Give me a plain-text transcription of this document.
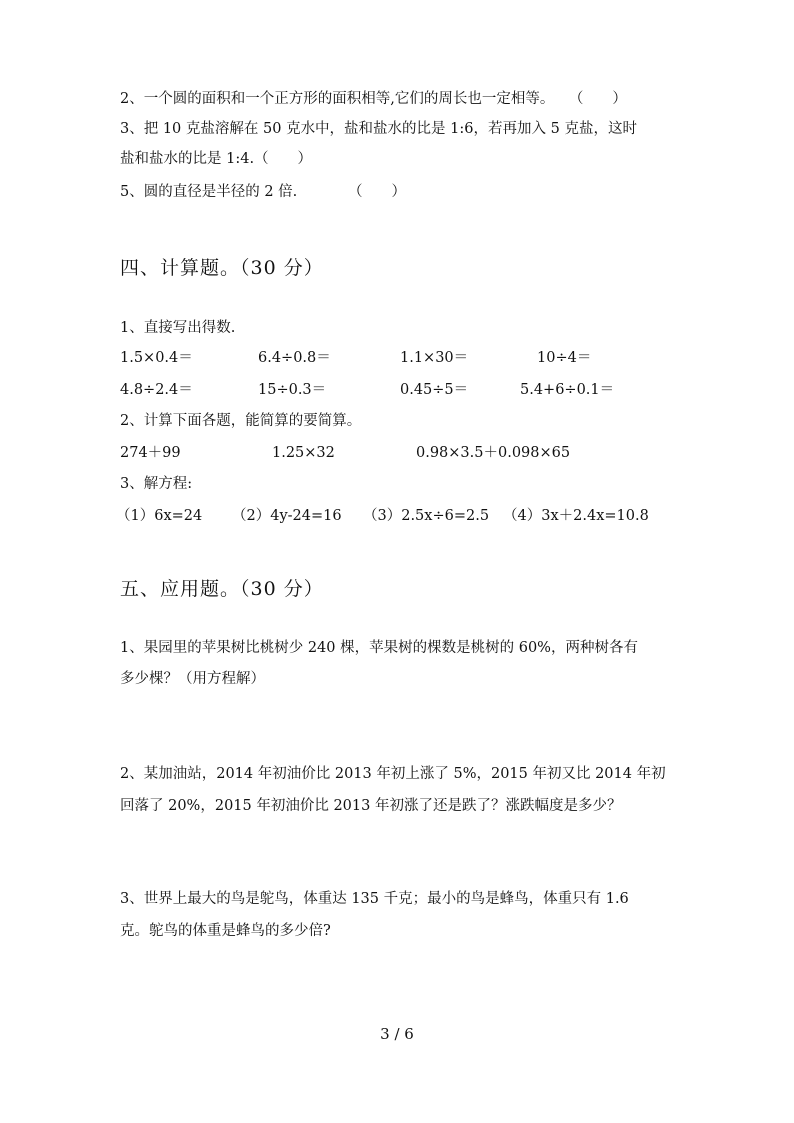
2、一个圆的面积和一个正方形的面积相等,它们的周长也一定相等。　　（　　）
3、把 10 克盐溶解在 50 克水中，盐和盐水的比是 1:6，若再加入 5 克盐，这时
盐和盐水的比是 1:4.（　　）
5、圆的直径是半径的 2 倍.　　　　（　　）
四、计算题。（30 分）
1、直接写出得数.
1.5×0.4＝	6.4÷0.8＝	1.1×30＝	10÷4＝
4.8÷2.4＝	15÷0.3＝	0.45÷5＝	5.4+6÷0.1＝
2、计算下面各题，能简算的要简算。
274＋99	1.25×32	0.98×3.5＋0.098×65
3、解方程:
（1）6x=24 （2）4y-24=16 （3）2.5x÷6=2.5 （4）3x＋2.4x=10.8
五、应用题。（30 分）
1、果园里的苹果树比桃树少 240 棵，苹果树的棵数是桃树的 60%，两种树各有
多少棵？（用方程解）
2、某加油站，2014 年初油价比 2013 年初上涨了 5%，2015 年初又比 2014 年初
回落了 20%，2015 年初油价比 2013 年初涨了还是跌了？涨跌幅度是多少？
3、世界上最大的鸟是鸵鸟，体重达 135 千克；最小的鸟是蜂鸟，体重只有 1.6
克。鸵鸟的体重是蜂鸟的多少倍?
3 / 6
